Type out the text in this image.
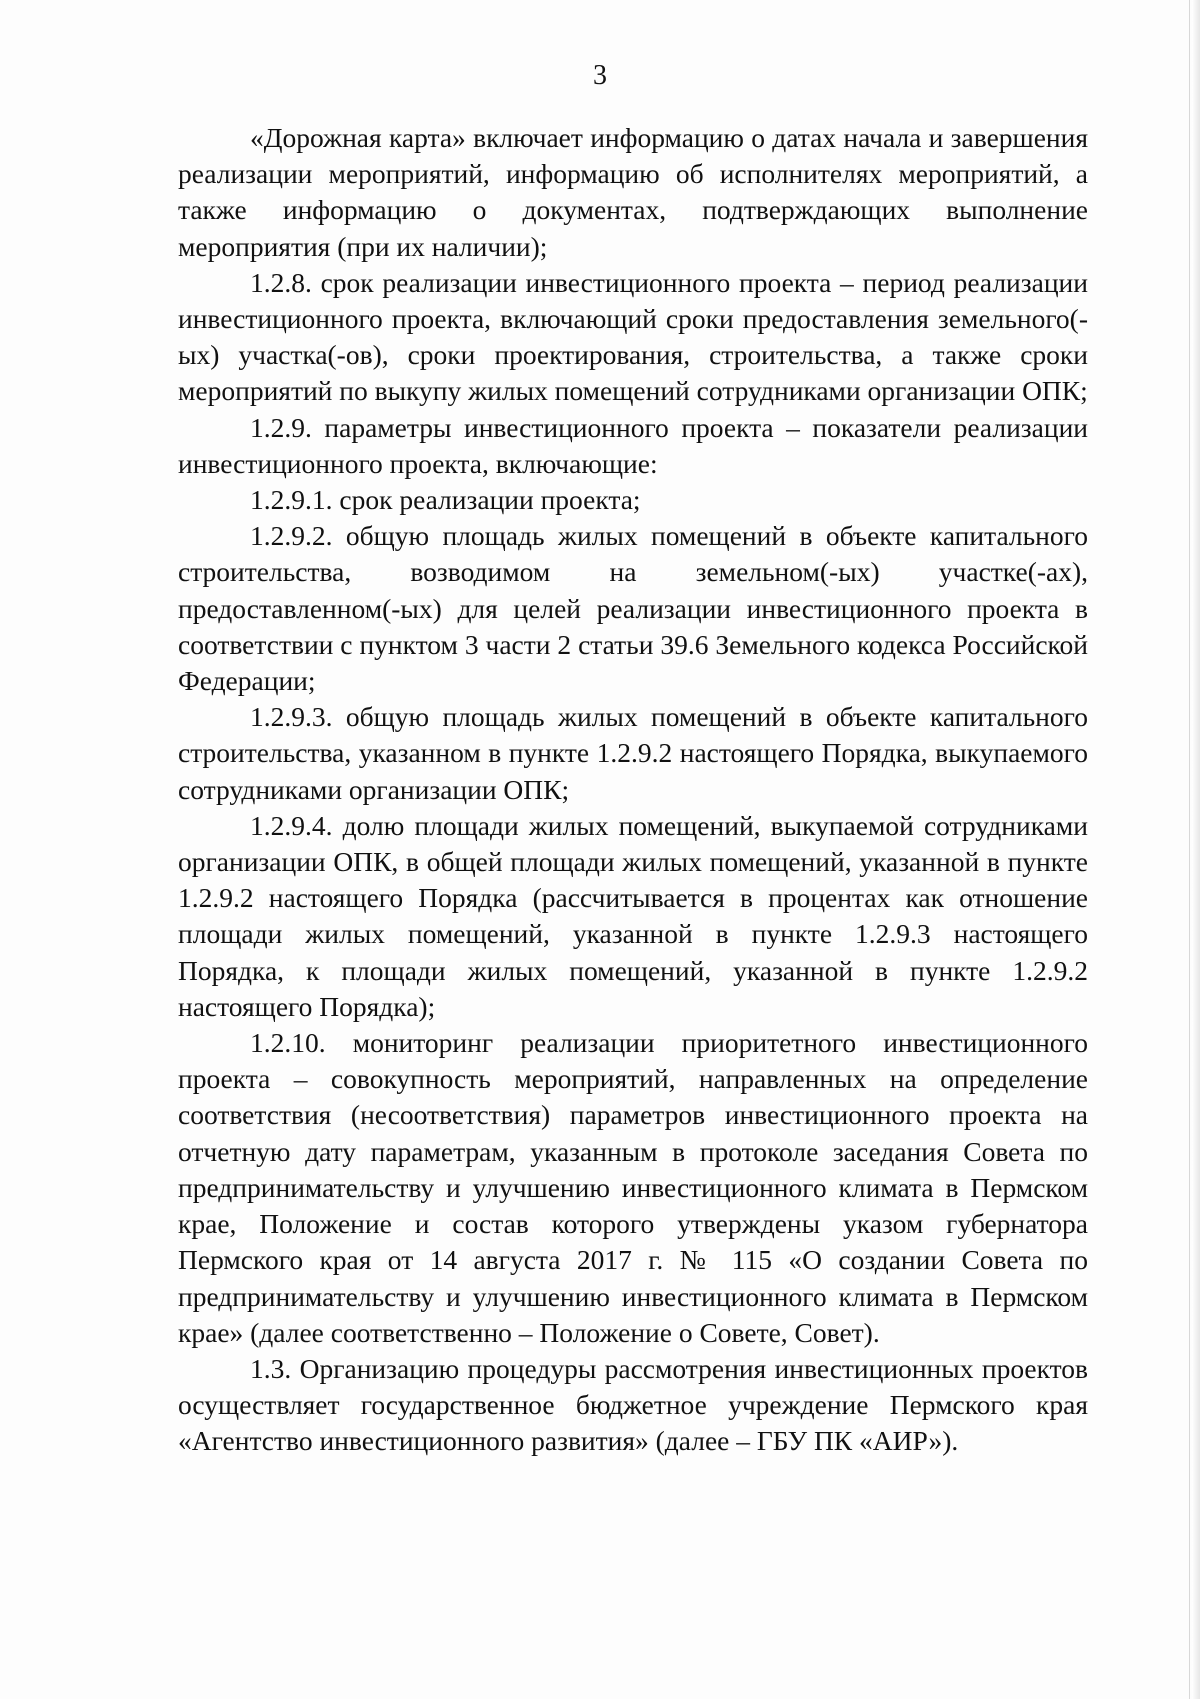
3

«Дорожная карта» включает информацию о датах начала и завершения реализации мероприятий, информацию об исполнителях мероприятий, а также информацию о документах, подтверждающих выполнение мероприятия (при их наличии);

1.2.8. срок реализации инвестиционного проекта – период реализации инвестиционного проекта, включающий сроки предоставления земельного(-ых) участка(-ов), сроки проектирования, строительства, а также сроки мероприятий по выкупу жилых помещений сотрудниками организации ОПК;

1.2.9. параметры инвестиционного проекта – показатели реализации инвестиционного проекта, включающие:

1.2.9.1. срок реализации проекта;

1.2.9.2. общую площадь жилых помещений в объекте капитального строительства, возводимом на земельном(-ых) участке(-ах), предоставленном(-ых) для целей реализации инвестиционного проекта в соответствии с пунктом 3 части 2 статьи 39.6 Земельного кодекса Российской Федерации;

1.2.9.3. общую площадь жилых помещений в объекте капитального строительства, указанном в пункте 1.2.9.2 настоящего Порядка, выкупаемого сотрудниками организации ОПК;

1.2.9.4. долю площади жилых помещений, выкупаемой сотрудниками организации ОПК, в общей площади жилых помещений, указанной в пункте 1.2.9.2 настоящего Порядка (рассчитывается в процентах как отношение площади жилых помещений, указанной в пункте 1.2.9.3 настоящего Порядка, к площади жилых помещений, указанной в пункте 1.2.9.2 настоящего Порядка);

1.2.10. мониторинг реализации приоритетного инвестиционного проекта – совокупность мероприятий, направленных на определение соответствия (несоответствия) параметров инвестиционного проекта на отчетную дату параметрам, указанным в протоколе заседания Совета по предпринимательству и улучшению инвестиционного климата в Пермском крае, Положение и состав которого утверждены указом губернатора Пермского края от 14 августа 2017 г. № 115 «О создании Совета по предпринимательству и улучшению инвестиционного климата в Пермском крае» (далее соответственно – Положение о Совете, Совет).

1.3. Организацию процедуры рассмотрения инвестиционных проектов осуществляет государственное бюджетное учреждение Пермского края «Агентство инвестиционного развития» (далее – ГБУ ПК «АИР»).
